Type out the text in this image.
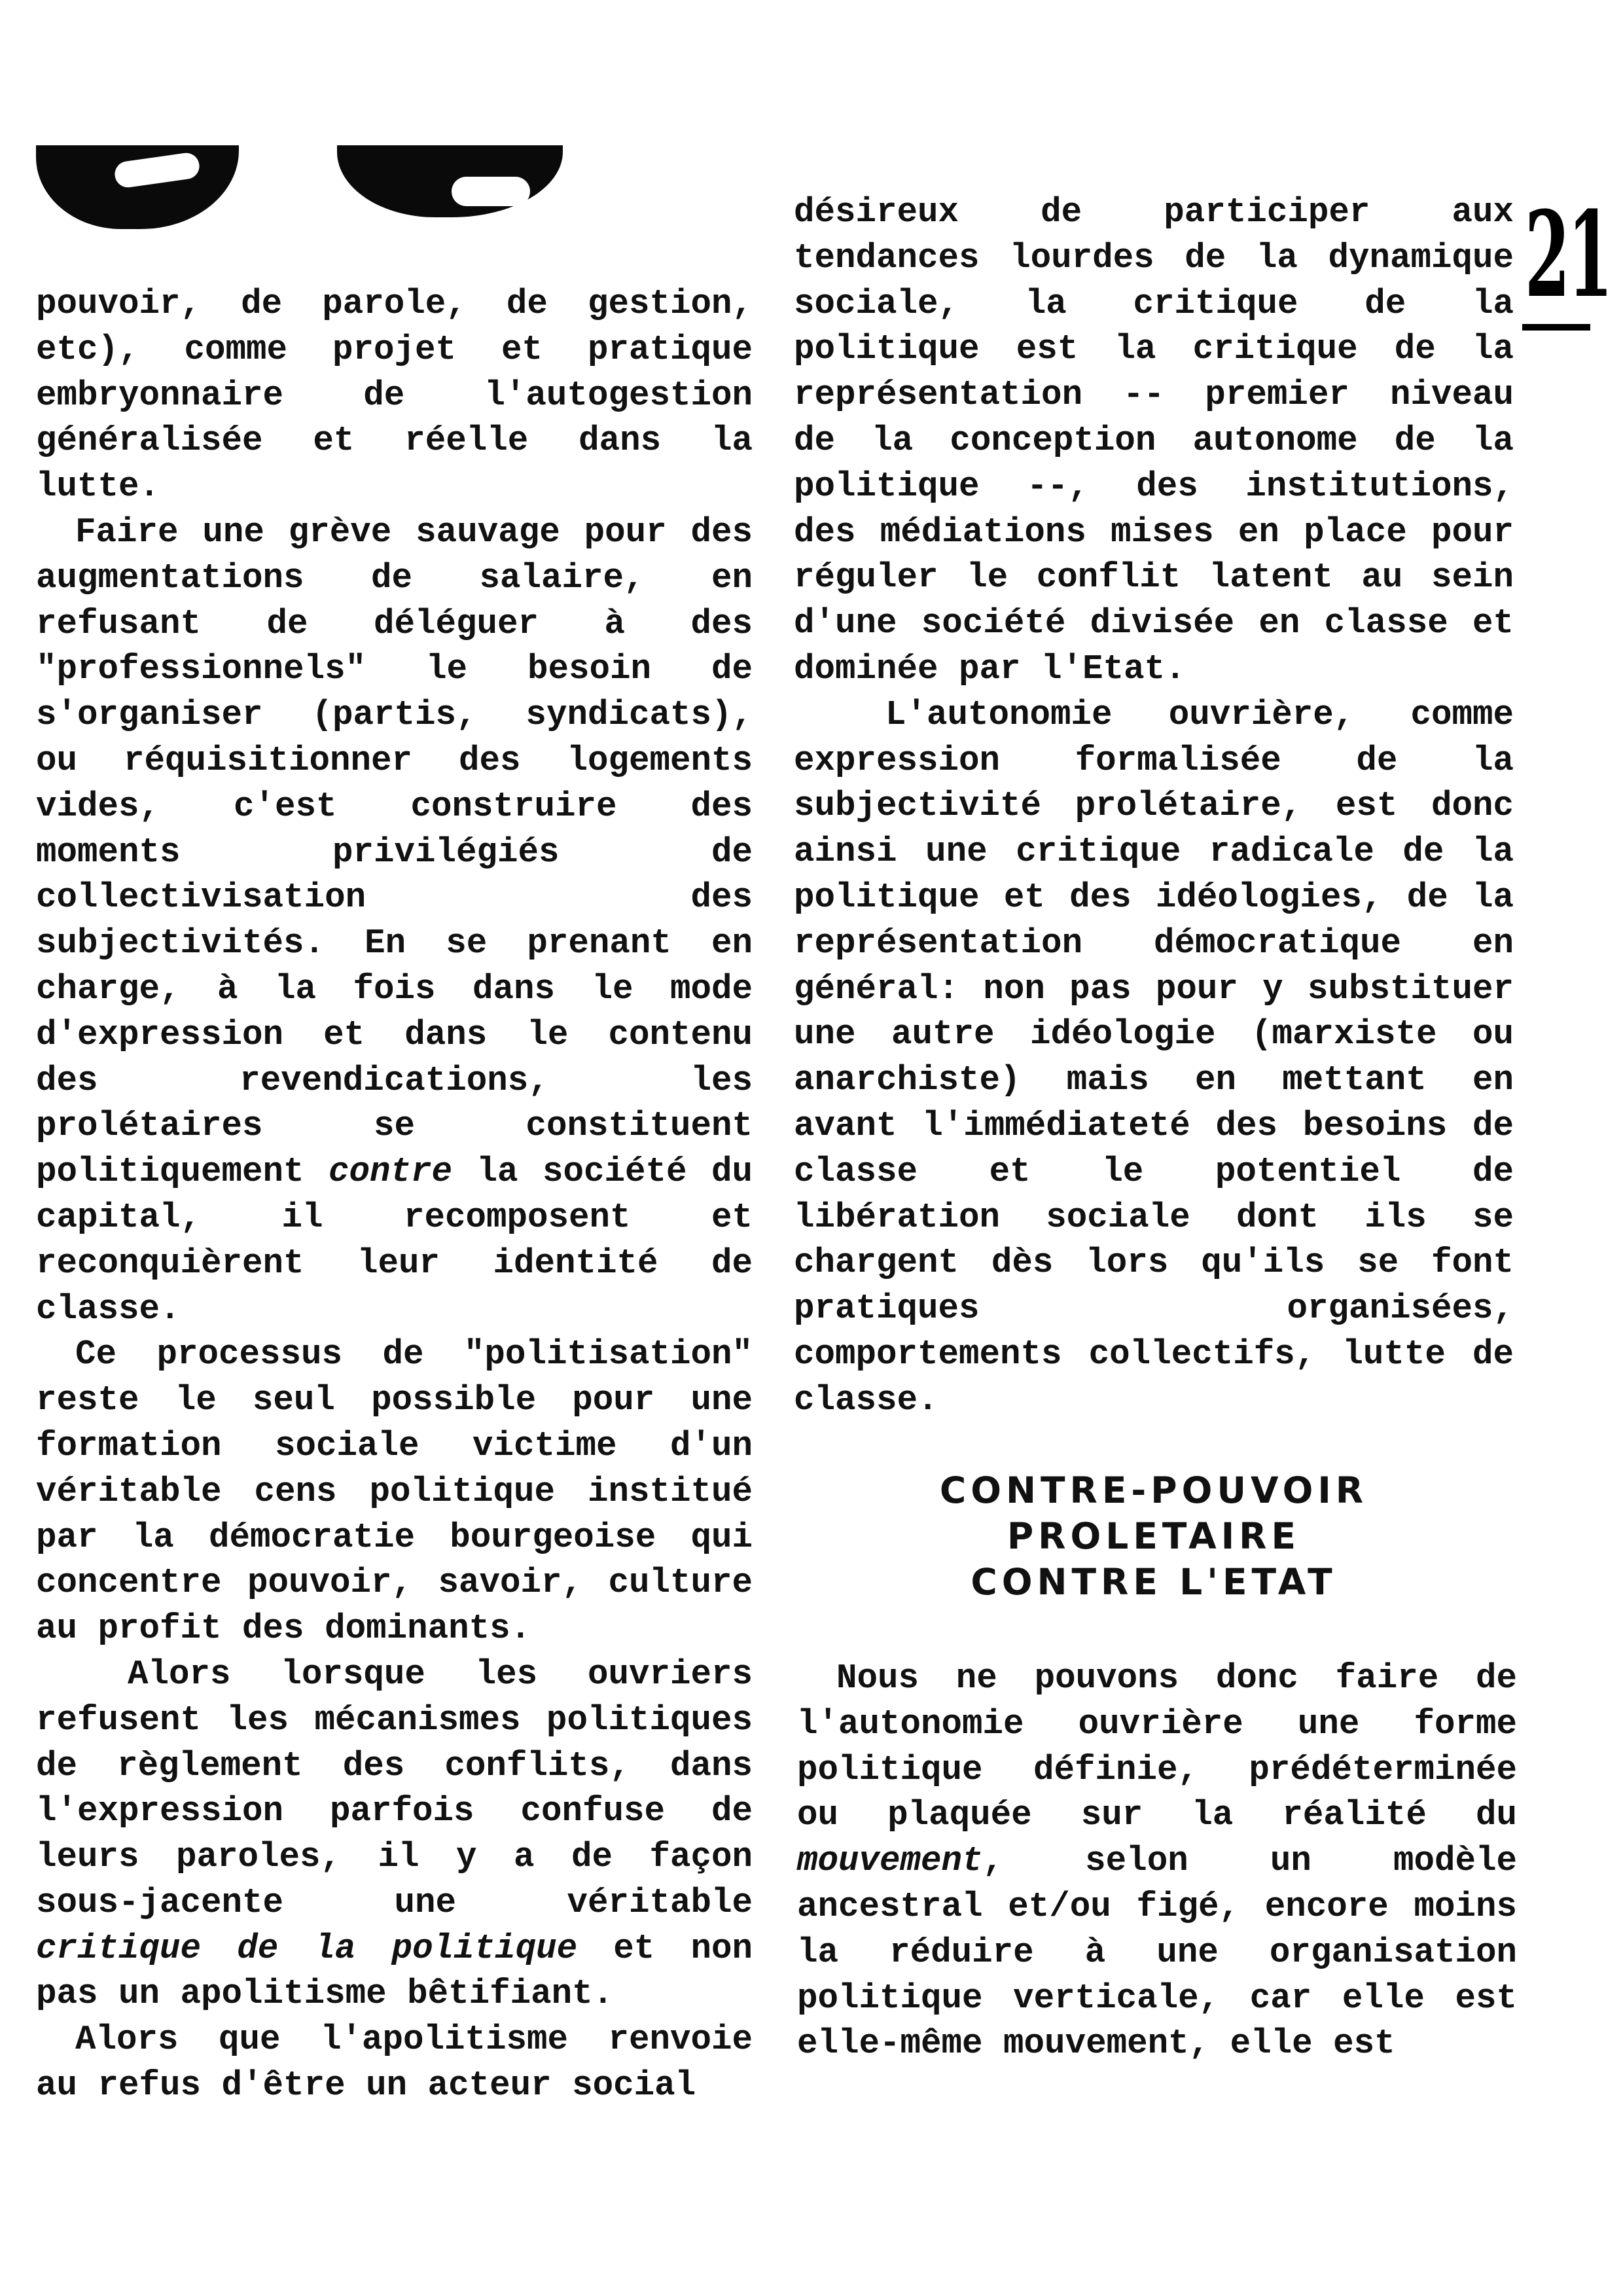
21

pouvoir, de parole, de gestion, etc), comme projet et pratique embryonnaire de l'autogestion généralisée et réelle dans la lutte.

Faire une grève sauvage pour des augmentations de salaire, en refusant de déléguer à des "professionnels" le besoin de s'organiser (partis, syndicats), ou réquisitionner des logements vides, c'est construire des moments privilégiés de collectivisation des subjectivités. En se prenant en charge, à la fois dans le mode d'expression et dans le contenu des revendications, les prolétaires se constituent politiquement contre la société du capital, il recomposent et reconquièrent leur identité de classe.

Ce processus de "politisation" reste le seul possible pour une formation sociale victime d'un véritable cens politique institué par la démocratie bourgeoise qui concentre pouvoir, savoir, culture au profit des dominants.

Alors lorsque les ouvriers refusent les mécanismes politiques de règlement des conflits, dans l'expression parfois confuse de leurs paroles, il y a de façon sous-jacente une véritable critique de la politique et non pas un apolitisme bêtifiant.

Alors que l'apolitisme renvoie au refus d'être un acteur social

désireux de participer aux tendances lourdes de la dynamique sociale, la critique de la politique est la critique de la représentation -- premier niveau de la conception autonome de la politique --, des institutions, des médiations mises en place pour réguler le conflit latent au sein d'une société divisée en classe et dominée par l'Etat.

L'autonomie ouvrière, comme expression formalisée de la subjectivité prolétaire, est donc ainsi une critique radicale de la politique et des idéologies, de la représentation démocratique en général: non pas pour y substituer une autre idéologie (marxiste ou anarchiste) mais en mettant en avant l'immédiateté des besoins de classe et le potentiel de libération sociale dont ils se chargent dès lors qu'ils se font pratiques organisées, comportements collectifs, lutte de classe.

CONTRE-POUVOIR
PROLETAIRE
CONTRE L'ETAT

Nous ne pouvons donc faire de l'autonomie ouvrière une forme politique définie, prédéterminée ou plaquée sur la réalité du mouvement, selon un modèle ancestral et/ou figé, encore moins la réduire à une organisation politique verticale, car elle est elle-même mouvement, elle est
